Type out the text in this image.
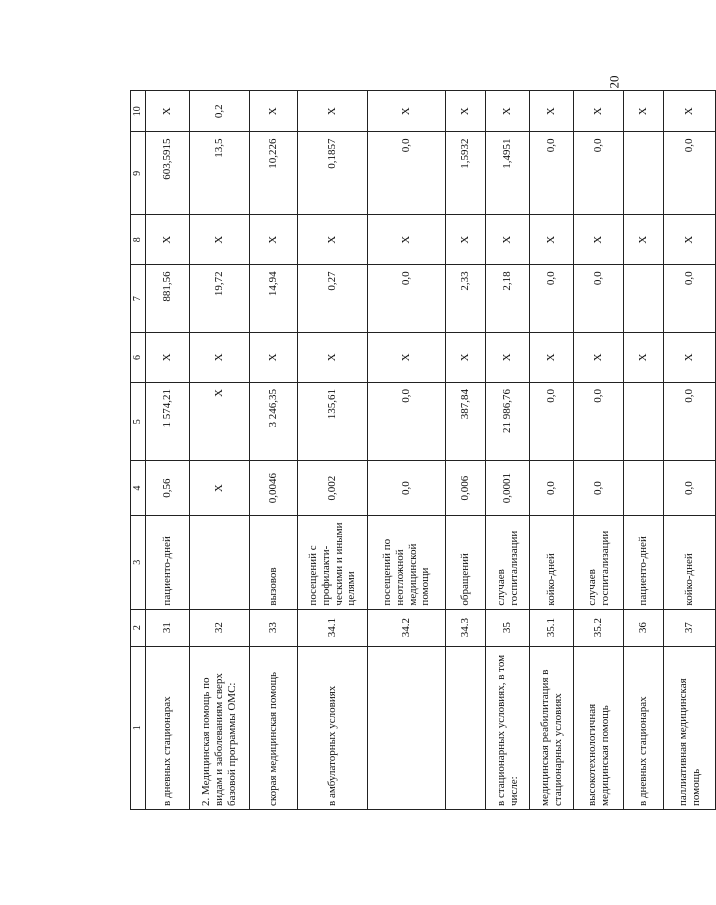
20
1	2	3	4	5	6	7	8	9	10
в дневных стационарах	31	пациенто-дней	0,56	1 574,21	Х	881,56	Х	603,5915	Х
2. Медицинская помощь по видам и заболеваниям сверх базовой программы ОМС:	32		Х	Х	Х	19,72	Х	13,5	0,2
скорая медицинская помощь	33	вызовов	0,0046	3 246,35	Х	14,94	Х	10,226	Х
в амбулаторных условиях	34.1	посещений с профилакти-ческими и иными целями	0,002	135,61	Х	0,27	Х	0,1857	Х
	34.2	посещений по неотложной медицинской помощи	0,0	0,0	Х	0,0	Х	0,0	Х
	34.3	обращений	0,006	387,84	Х	2,33	Х	1,5932	Х
в стационарных условиях, в том числе:	35	случаев госпитализации	0,0001	21 986,76	Х	2,18	Х	1,4951	Х
медицинская реабилитация в стационарных условиях	35.1	койко-дней	0,0	0,0	Х	0,0	Х	0,0	Х
высокотехнологичная медицинская помощь	35.2	случаев госпитализации	0,0	0,0	Х	0,0	Х	0,0	Х
в дневных стационарах	36	пациенто-дней			Х		Х		Х
паллиативная медицинская помощь	37	койко-дней	0,0	0,0	Х	0,0	Х	0,0	Х
